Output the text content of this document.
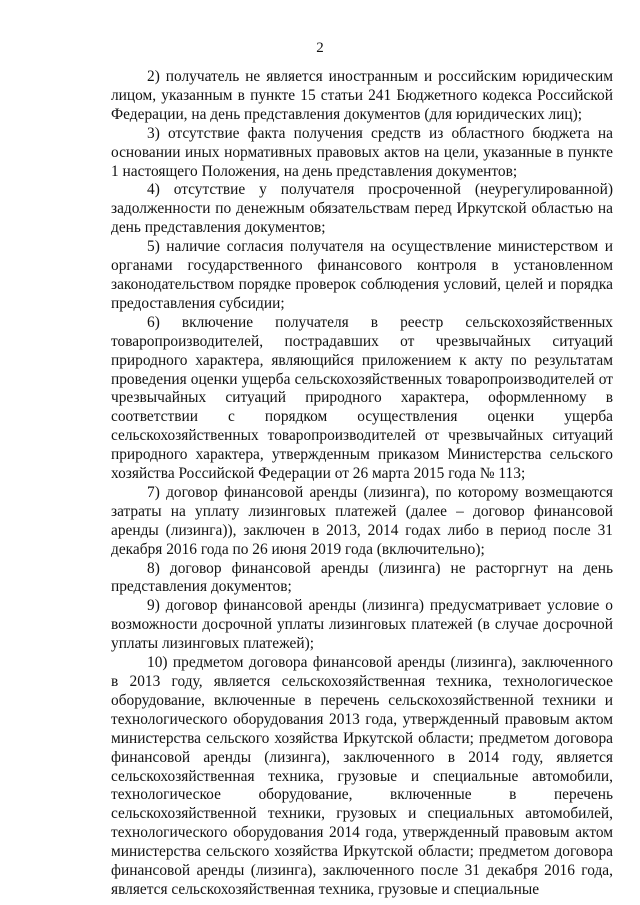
2

2) получатель не является иностранным и российским юридическим лицом, указанным в пункте 15 статьи 241 Бюджетного кодекса Российской Федерации, на день представления документов (для юридических лиц);

3) отсутствие факта получения средств из областного бюджета на основании иных нормативных правовых актов на цели, указанные в пункте 1 настоящего Положения, на день представления документов;

4) отсутствие у получателя просроченной (неурегулированной) задолженности по денежным обязательствам перед Иркутской областью на день представления документов;

5) наличие согласия получателя на осуществление министерством и органами государственного финансового контроля в установленном законодательством порядке проверок соблюдения условий, целей и порядка предоставления субсидии;

6) включение получателя в реестр сельскохозяйственных товаропроизводителей, пострадавших от чрезвычайных ситуаций природного характера, являющийся приложением к акту по результатам проведения оценки ущерба сельскохозяйственных товаропроизводителей от чрезвычайных ситуаций природного характера, оформленному в соответствии с порядком осуществления оценки ущерба сельскохозяйственных товаропроизводителей от чрезвычайных ситуаций природного характера, утвержденным приказом Министерства сельского хозяйства Российской Федерации от 26 марта 2015 года № 113;

7) договор финансовой аренды (лизинга), по которому возмещаются затраты на уплату лизинговых платежей (далее – договор финансовой аренды (лизинга)), заключен в 2013, 2014 годах либо в период после 31 декабря 2016 года по 26 июня 2019 года (включительно);

8) договор финансовой аренды (лизинга) не расторгнут на день представления документов;

9) договор финансовой аренды (лизинга) предусматривает условие о возможности досрочной уплаты лизинговых платежей (в случае досрочной уплаты лизинговых платежей);

10) предметом договора финансовой аренды (лизинга), заключенного в 2013 году, является сельскохозяйственная техника, технологическое оборудование, включенные в перечень сельскохозяйственной техники и технологического оборудования 2013 года, утвержденный правовым актом министерства сельского хозяйства Иркутской области; предметом договора финансовой аренды (лизинга), заключенного в 2014 году, является сельскохозяйственная техника, грузовые и специальные автомобили, технологическое оборудование, включенные в перечень сельскохозяйственной техники, грузовых и специальных автомобилей, технологического оборудования 2014 года, утвержденный правовым актом министерства сельского хозяйства Иркутской области; предметом договора финансовой аренды (лизинга), заключенного после 31 декабря 2016 года, является сельскохозяйственная техника, грузовые и специальные
